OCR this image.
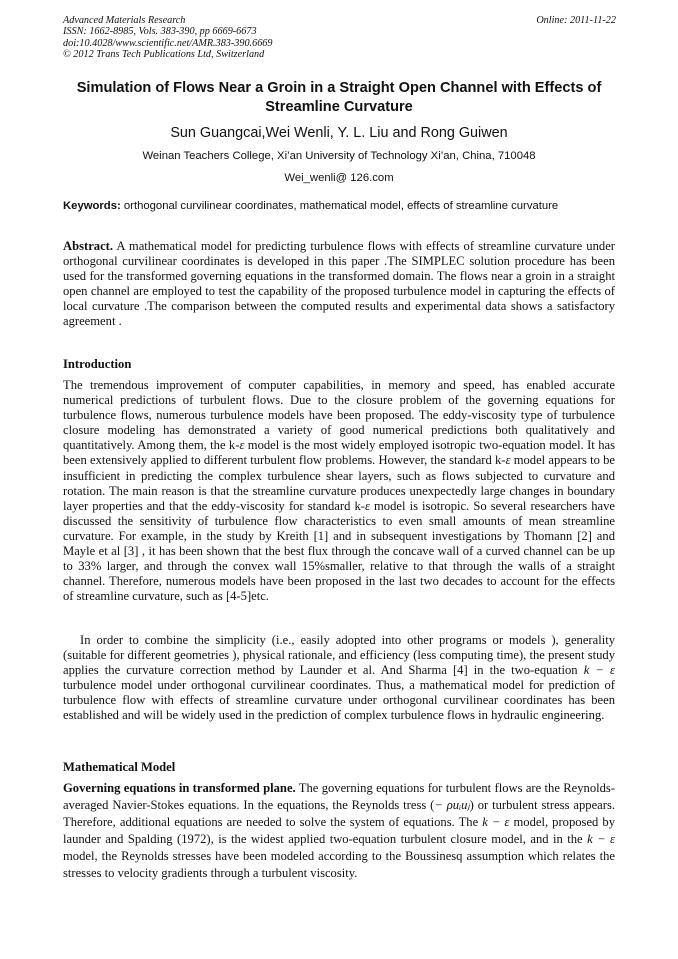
Advanced Materials Research
ISSN: 1662-8985, Vols. 383-390, pp 6669-6673
doi:10.4028/www.scientific.net/AMR.383-390.6669
© 2012 Trans Tech Publications Ltd, Switzerland
Online: 2011-11-22
Simulation of Flows Near a Groin in a Straight Open Channel with Effects of Streamline Curvature
Sun Guangcai,Wei Wenli, Y. L. Liu and Rong Guiwen
Weinan Teachers College, Xi’an University of Technology Xi’an, China, 710048
Wei_wenli@ 126.com
Keywords: orthogonal curvilinear coordinates, mathematical model, effects of streamline curvature
Abstract. A mathematical model for predicting turbulence flows with effects of streamline curvature under orthogonal curvilinear coordinates is developed in this paper .The SIMPLEC solution procedure has been used for the transformed governing equations in the transformed domain. The flows near a groin in a straight open channel are employed to test the capability of the proposed turbulence model in capturing the effects of local curvature .The comparison between the computed results and experimental data shows a satisfactory agreement .
Introduction
The tremendous improvement of computer capabilities, in memory and speed, has enabled accurate numerical predictions of turbulent flows. Due to the closure problem of the governing equations for turbulence flows, numerous turbulence models have been proposed. The eddy-viscosity type of turbulence closure modeling has demonstrated a variety of good numerical predictions both qualitatively and quantitatively. Among them, the k-ε model is the most widely employed isotropic two-equation model. It has been extensively applied to different turbulent flow problems. However, the standard k-ε model appears to be insufficient in predicting the complex turbulence shear layers, such as flows subjected to curvature and rotation. The main reason is that the streamline curvature produces unexpectedly large changes in boundary layer properties and that the eddy-viscosity for standard k-ε model is isotropic. So several researchers have discussed the sensitivity of turbulence flow characteristics to even small amounts of mean streamline curvature. For example, in the study by Kreith [1] and in subsequent investigations by Thomann [2] and Mayle et al [3] , it has been shown that the best flux through the concave wall of a curved channel can be up to 33% larger, and through the convex wall 15%smaller, relative to that through the walls of a straight channel. Therefore, numerous models have been proposed in the last two decades to account for the effects of streamline curvature, such as [4-5]etc.
In order to combine the simplicity (i.e., easily adopted into other programs or models ), generality (suitable for different geometries ), physical rationale, and efficiency (less computing time), the present study applies the curvature correction method by Launder et al. And Sharma [4] in the two-equation k − ε turbulence model under orthogonal curvilinear coordinates. Thus, a mathematical model for prediction of turbulence flow with effects of streamline curvature under orthogonal curvilinear coordinates has been established and will be widely used in the prediction of complex turbulence flows in hydraulic engineering.
Mathematical Model
Governing equations in transformed plane. The governing equations for turbulent flows are the Reynolds-averaged Navier-Stokes equations. In the equations, the Reynolds tress (− ρuᵢuⱼ) or turbulent stress appears. Therefore, additional equations are needed to solve the system of equations. The k − ε model, proposed by launder and Spalding (1972), is the widest applied two-equation turbulent closure model, and in the k − ε model, the Reynolds stresses have been modeled according to the Boussinesq assumption which relates the stresses to velocity gradients through a turbulent viscosity.
